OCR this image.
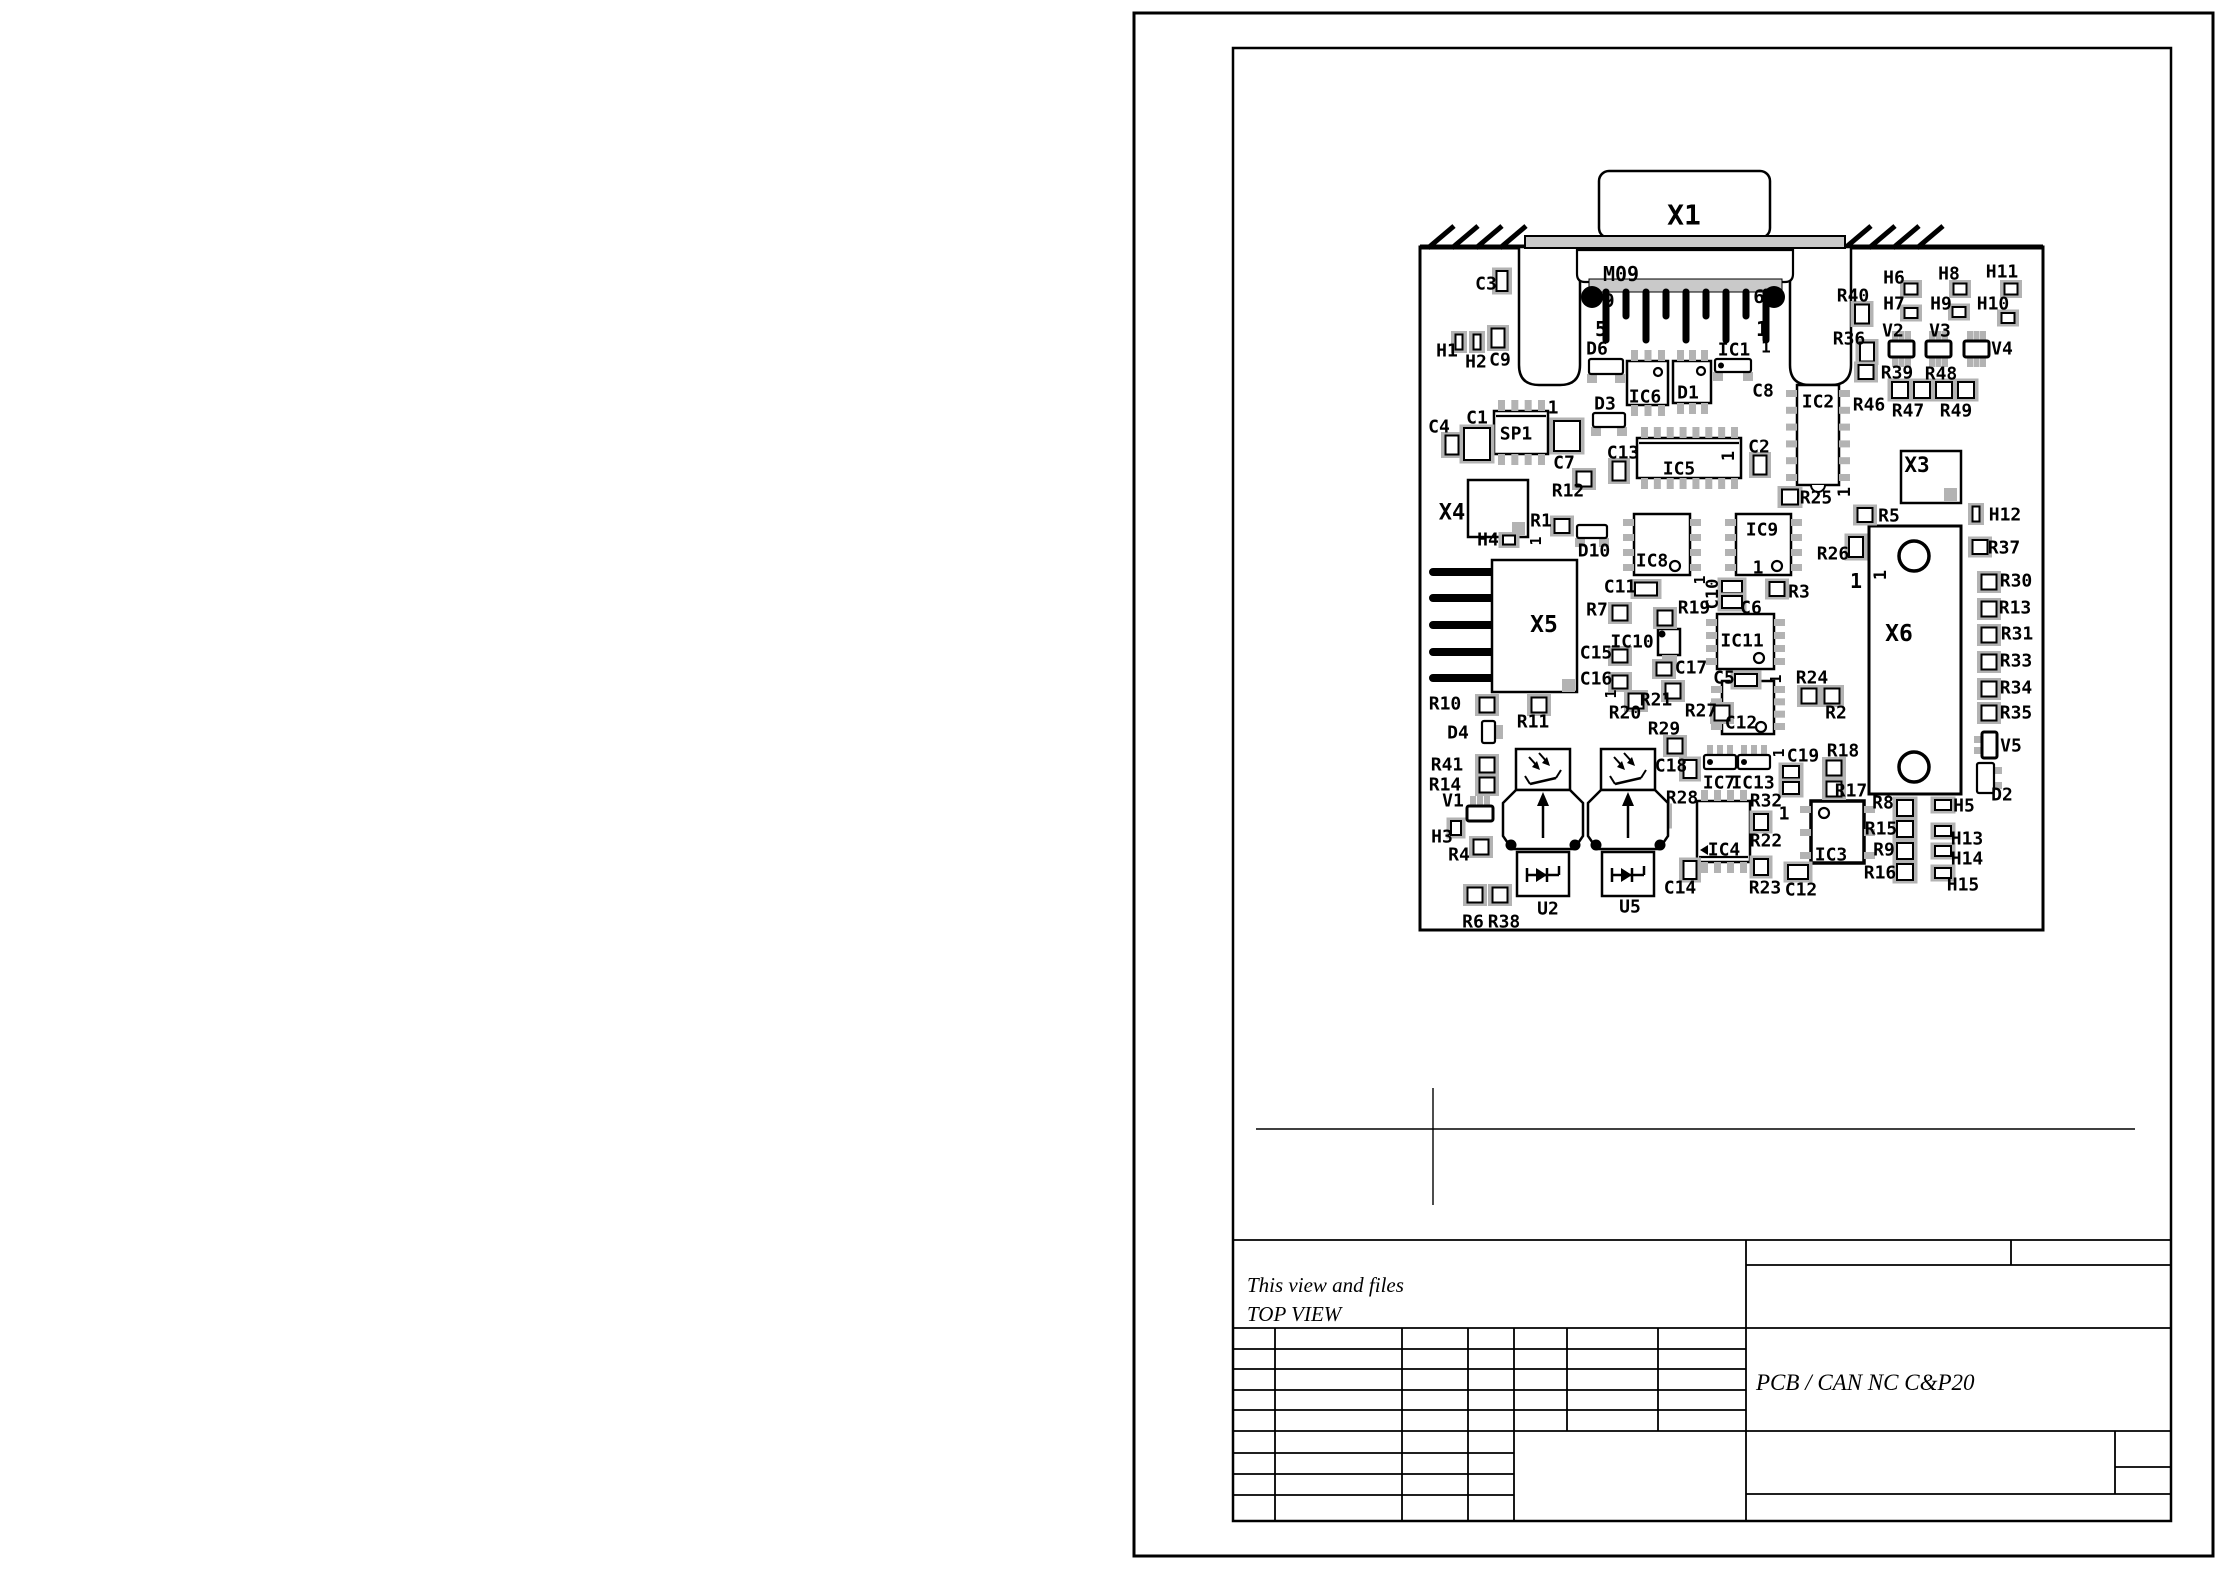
X1
M09
9	6
5	1
1
C3
H1
H2 C9
R40
H6 H8 H11
H7 H9 H10
V2 V3
V4
R36
R39 R48
R46 R47 R49
D6	IC1
C8
IC6 D1
D3
SP1
1
C1
C4
C7 C13
IC5
1 C2
IC2
1
R25
R12
X4
H4
R1
1 D10
X3
R5	H12
R26	R37
1 1
IC8
IC9
1
C11	C10
1
R3
C6
R19
R7
IC10	IC11	X6
R30
R13
R31
R33
R34
R35
C15
C17
C16
1
C5 1
R21
R20
R24
R2
R27
R29 C12
R10
R11
D4
X5
R41
R14
V1
H3
R4
C18	C19
1 R18
R17
IC7
IC13
V5
D2
R28	R32
1
R22
IC4	IC3
R8
R15
R9
R16
H5
H13
H14
H15
R23 C12
C14
R6 R38
U2	U5
This view and files
TOP VIEW
PCB / CAN NC C&P20
